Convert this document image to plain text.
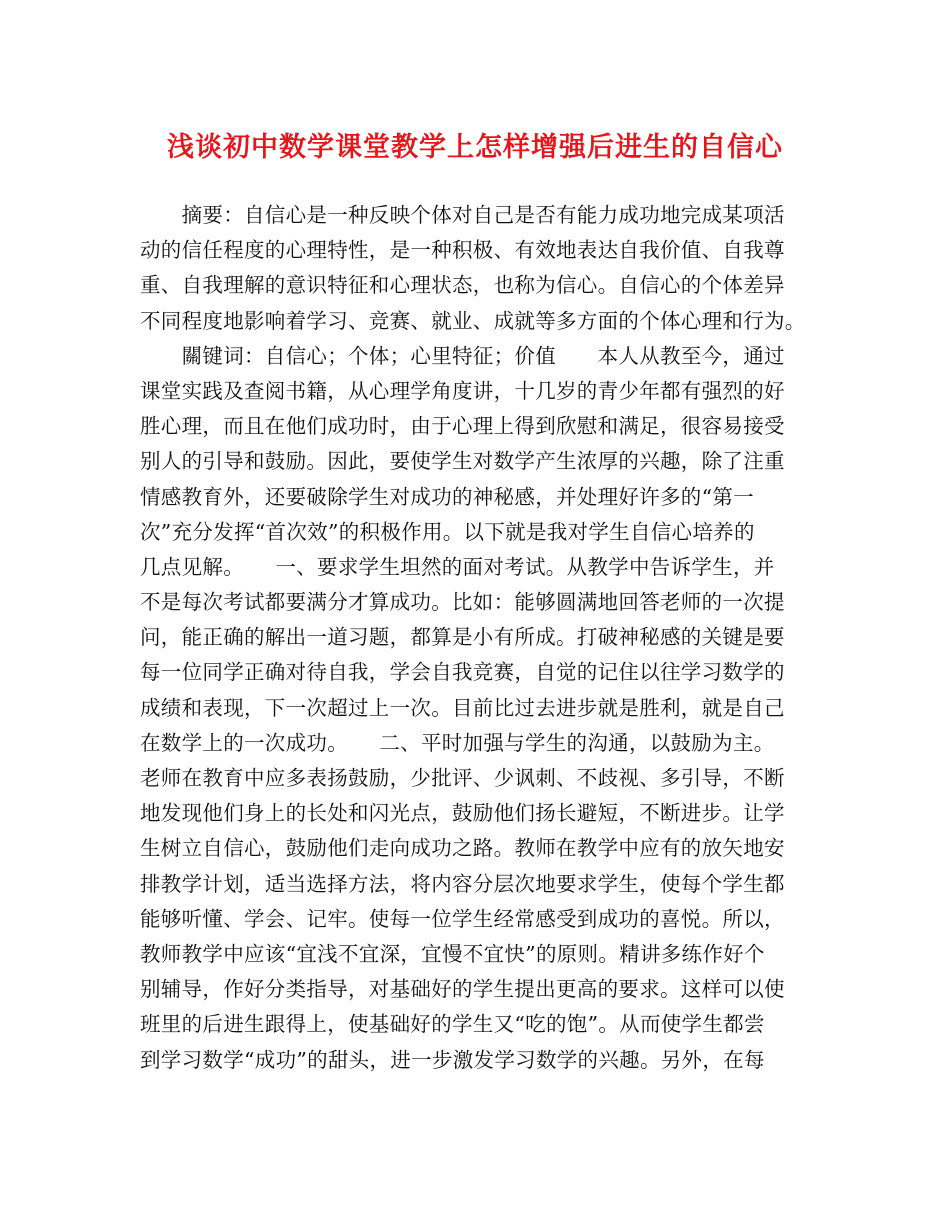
浅谈初中数学课堂教学上怎样增强后进生的自信心
　　摘要：自信心是一种反映个体对自己是否有能力成功地完成某项活
动的信任程度的心理特性，是一种积极、有效地表达自我价值、自我尊
重、自我理解的意识特征和心理状态，也称为信心。自信心的个体差异
不同程度地影响着学习、竞赛、就业、成就等多方面的个体心理和行为。
　　關键词：自信心；个体；心里特征；价值　　本人从教至今，通过
课堂实践及查阅书籍，从心理学角度讲，十几岁的青少年都有强烈的好
胜心理，而且在他们成功时，由于心理上得到欣慰和满足，很容易接受
别人的引导和鼓励。因此，要使学生对数学产生浓厚的兴趣，除了注重
情感教育外，还要破除学生对成功的神秘感，并处理好许多的“第一
次”充分发挥“首次效”的积极作用。以下就是我对学生自信心培养的
几点见解。　　一、要求学生坦然的面对考试。从教学中告诉学生，并
不是每次考试都要满分才算成功。比如：能够圆满地回答老师的一次提
问，能正确的解出一道习题，都算是小有所成。打破神秘感的关键是要
每一位同学正确对待自我，学会自我竞赛，自觉的记住以往学习数学的
成绩和表现，下一次超过上一次。目前比过去进步就是胜利，就是自己
在数学上的一次成功。　　二、平时加强与学生的沟通，以鼓励为主。
老师在教育中应多表扬鼓励，少批评、少讽刺、不歧视、多引导，不断
地发现他们身上的长处和闪光点，鼓励他们扬长避短，不断进步。让学
生树立自信心，鼓励他们走向成功之路。教师在教学中应有的放矢地安
排教学计划，适当选择方法，将内容分层次地要求学生，使每个学生都
能够听懂、学会、记牢。使每一位学生经常感受到成功的喜悦。所以，
教师教学中应该“宜浅不宜深，宜慢不宜快”的原则。精讲多练作好个
别辅导，作好分类指导，对基础好的学生提出更高的要求。这样可以使
班里的后进生跟得上，使基础好的学生又“吃的饱”。从而使学生都尝
到学习数学“成功”的甜头，进一步激发学习数学的兴趣。另外，在每
